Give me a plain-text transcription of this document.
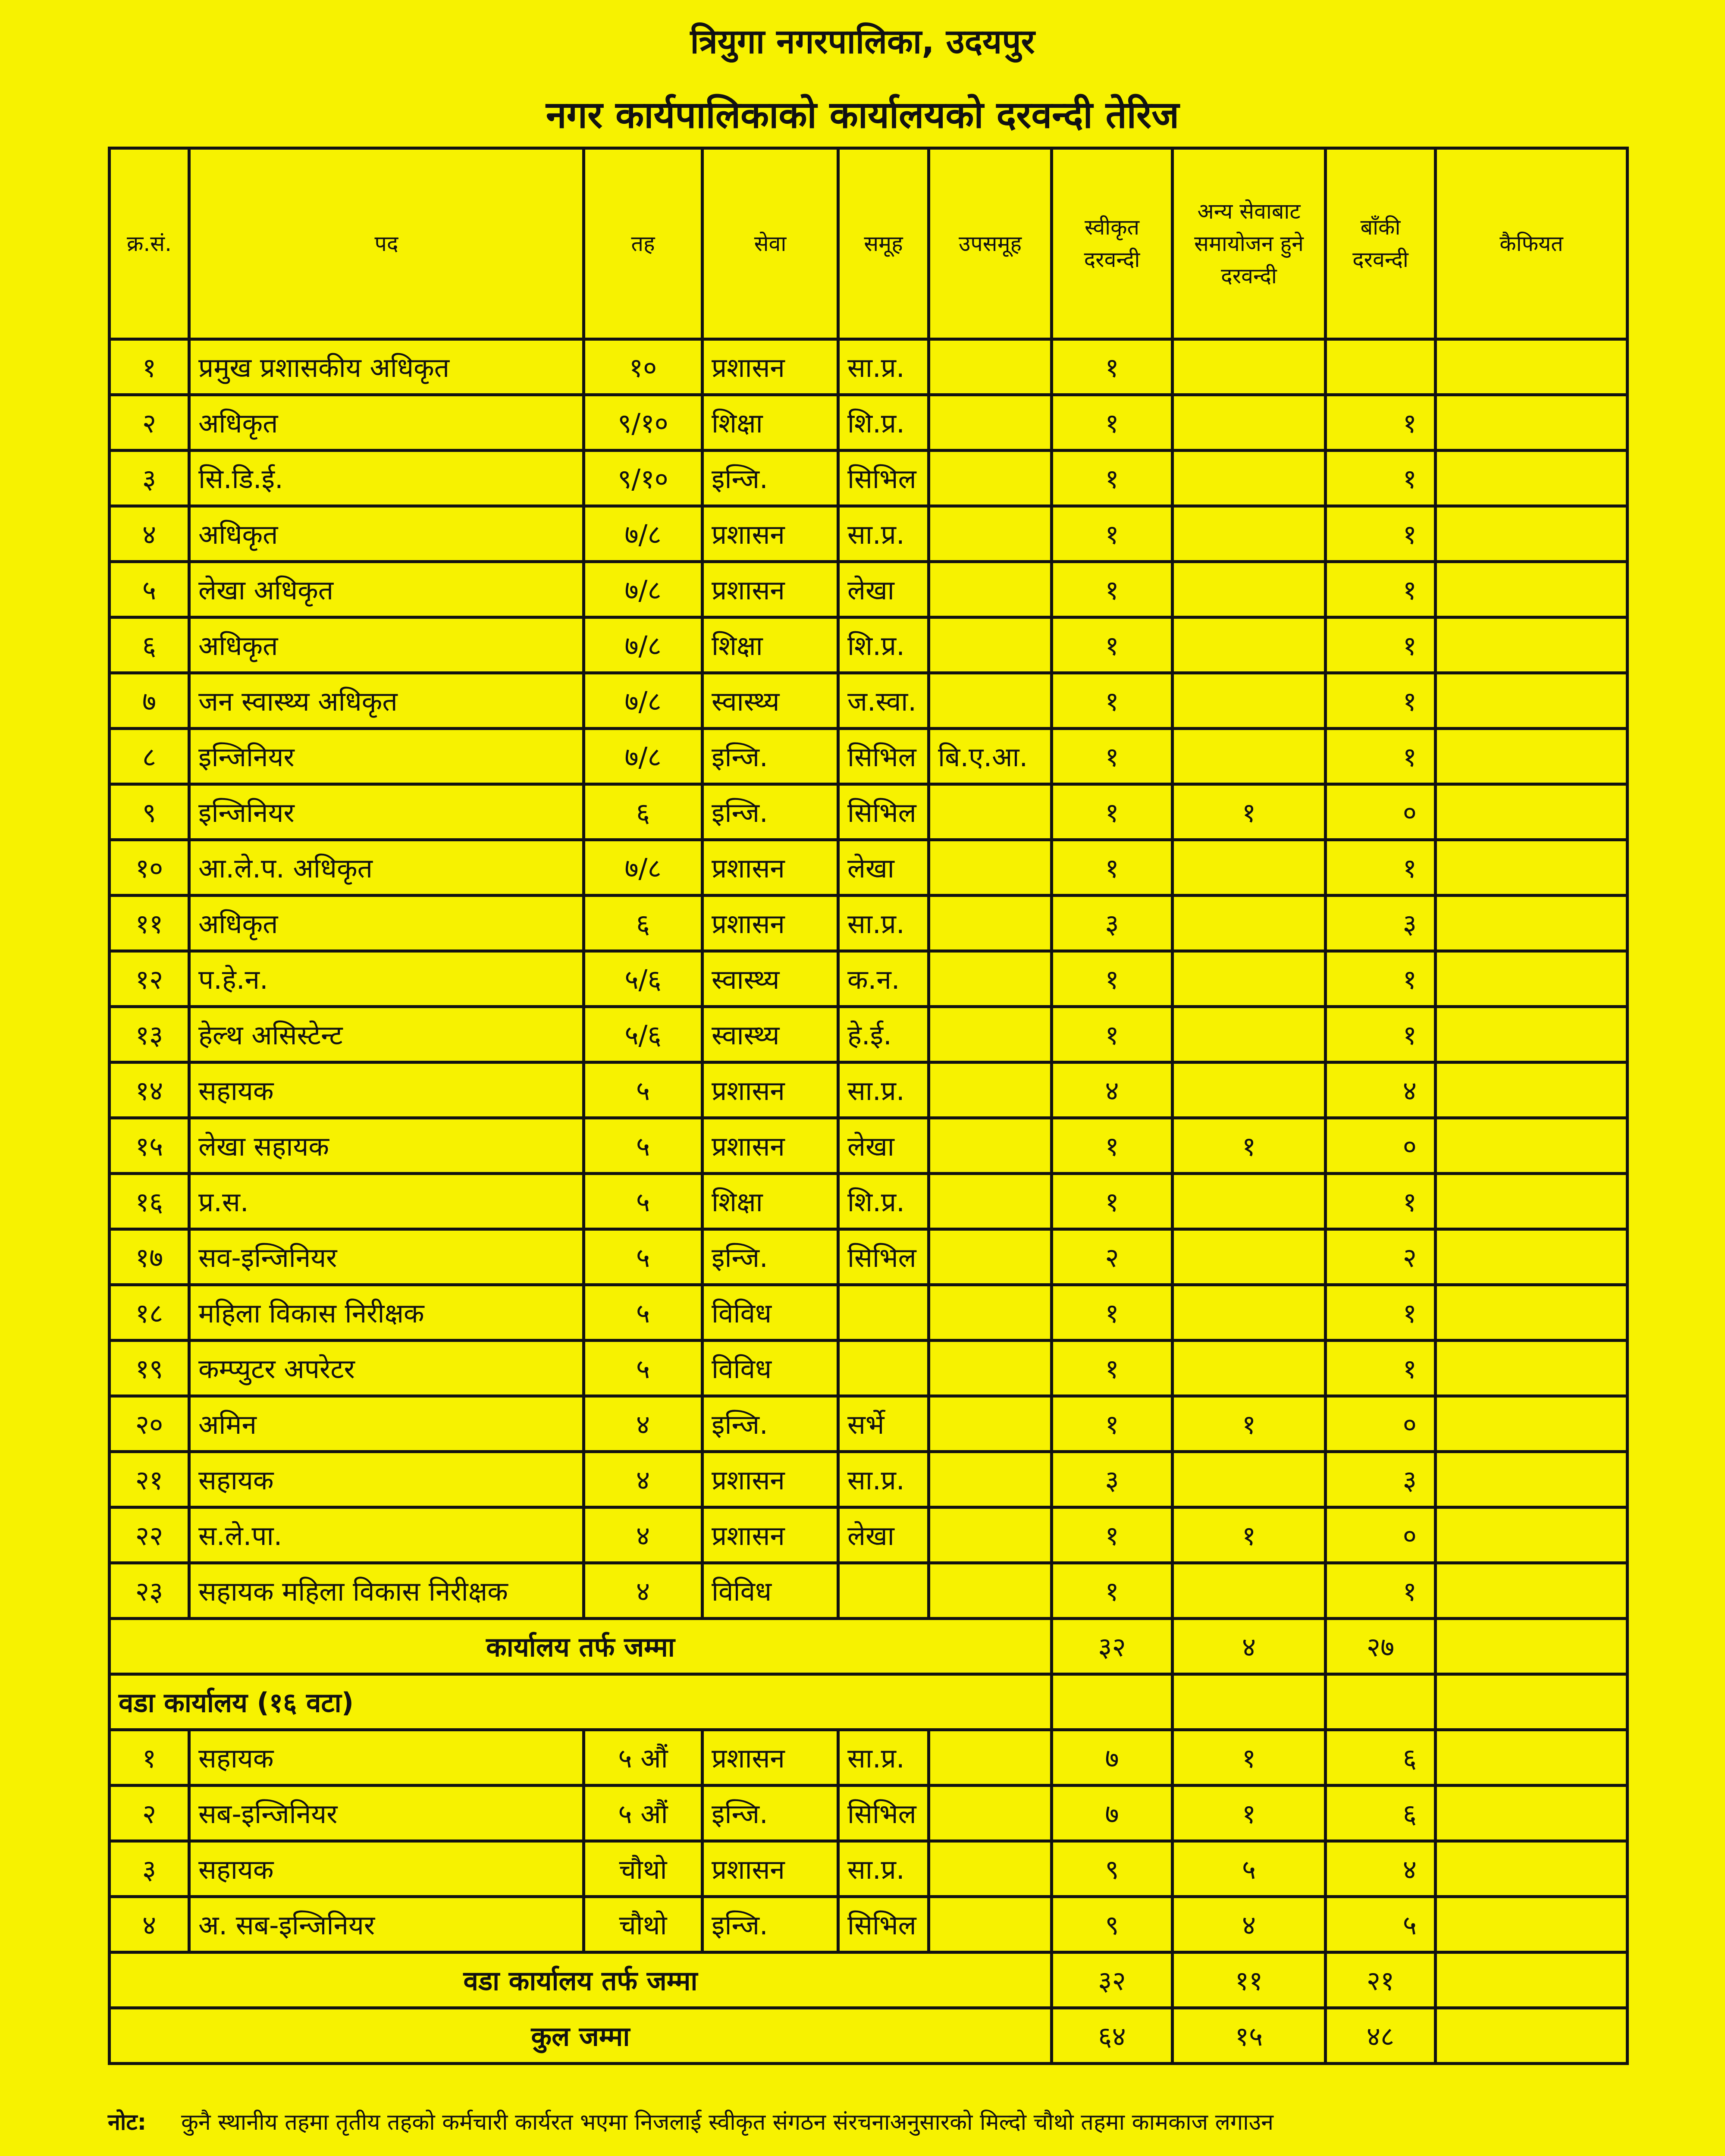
त्रियुगा नगरपालिका, उदयपुर
नगर कार्यपालिकाको कार्यालयको दरवन्दी तेरिज
क्र.सं.	पद	तह	सेवा	समूह	उपसमूह	स्वीकृत दरवन्दी	अन्य सेवाबाट समायोजन हुने दरवन्दी	बाँकी दरवन्दी	कैफियत
१	प्रमुख प्रशासकीय अधिकृत	१०	प्रशासन	सा.प्र.		१			
२	अधिकृत	९/१०	शिक्षा	शि.प्र.		१		१	
३	सि.डि.ई.	९/१०	इन्जि.	सिभिल		१		१	
४	अधिकृत	७/८	प्रशासन	सा.प्र.		१		१	
५	लेखा अधिकृत	७/८	प्रशासन	लेखा		१		१	
६	अधिकृत	७/८	शिक्षा	शि.प्र.		१		१	
७	जन स्वास्थ्य अधिकृत	७/८	स्वास्थ्य	ज.स्वा.		१		१	
८	इन्जिनियर	७/८	इन्जि.	सिभिल	बि.ए.आ.	१		१	
९	इन्जिनियर	६	इन्जि.	सिभिल		१	१	०	
१०	आ.ले.प. अधिकृत	७/८	प्रशासन	लेखा		१		१	
११	अधिकृत	६	प्रशासन	सा.प्र.		३		३	
१२	प.हे.न.	५/६	स्वास्थ्य	क.न.		१		१	
१३	हेल्थ असिस्टेन्ट	५/६	स्वास्थ्य	हे.ई.		१		१	
१४	सहायक	५	प्रशासन	सा.प्र.		४		४	
१५	लेखा सहायक	५	प्रशासन	लेखा		१	१	०	
१६	प्र.स.	५	शिक्षा	शि.प्र.		१		१	
१७	सव-इन्जिनियर	५	इन्जि.	सिभिल		२		२	
१८	महिला विकास निरीक्षक	५	विविध			१		१	
१९	कम्प्युटर अपरेटर	५	विविध			१		१	
२०	अमिन	४	इन्जि.	सर्भे		१	१	०	
२१	सहायक	४	प्रशासन	सा.प्र.		३		३	
२२	स.ले.पा.	४	प्रशासन	लेखा		१	१	०	
२३	सहायक महिला विकास निरीक्षक	४	विविध			१		१	
कार्यालय तर्फ जम्मा						३२	४	२७	
वडा कार्यालय (१६ वटा)									
१	सहायक	५ औं	प्रशासन	सा.प्र.		७	१	६	
२	सब-इन्जिनियर	५ औं	इन्जि.	सिभिल		७	१	६	
३	सहायक	चौथो	प्रशासन	सा.प्र.		९	५	४	
४	अ. सब-इन्जिनियर	चौथो	इन्जि.	सिभिल		९	४	५	
वडा कार्यालय तर्फ जम्मा						३२	११	२१	
कुल जम्मा						६४	१५	४८	

नोट: कुनै स्थानीय तहमा तृतीय तहको कर्मचारी कार्यरत भएमा निजलाई स्वीकृत संगठन संरचनाअनुसारको मिल्दो चौथो तहमा कामकाज लगाउन
